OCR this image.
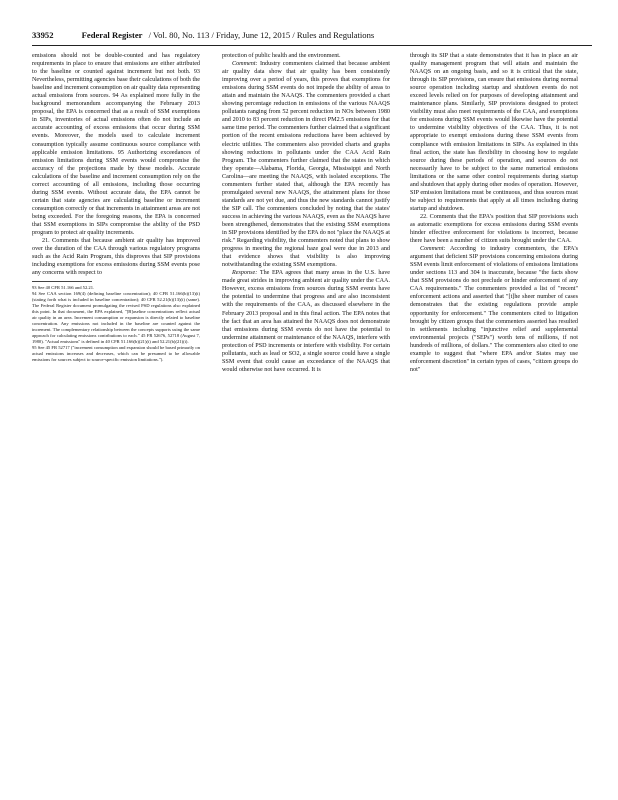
33952	Federal Register / Vol. 80, No. 113 / Friday, June 12, 2015 / Rules and Regulations

emissions should not be double-counted and has regulatory requirements in place to ensure that emissions are either attributed to the baseline or counted against increment but not both. 93 Nevertheless, permitting agencies base their calculations of both the baseline and increment consumption on air quality data representing actual emissions from sources. 94 As explained more fully in the background memorandum accompanying the February 2013 proposal, the EPA is concerned that as a result of SSM exemptions in SIPs, inventories of actual emissions often do not include an accurate accounting of excess emissions that occur during SSM events. Moreover, the models used to calculate increment consumption typically assume continuous source compliance with applicable emission limitations. 95 Authorizing exceedances of emission limitations during SSM events would compromise the accuracy of the projections made by these models. Accurate calculations of the baseline and increment consumption rely on the correct accounting of all emissions, including those occurring during SSM events. Without accurate data, the EPA cannot be certain that state agencies are calculating baseline or increment consumption correctly or that increments in attainment areas are not being exceeded. For the foregoing reasons, the EPA is concerned that SSM exemptions in SIPs compromise the ability of the PSD program to protect air quality increments.

21. Comments that because ambient air quality has improved over the duration of the CAA through various regulatory programs such as the Acid Rain Program, this disproves that SIP provisions including exemptions for excess emissions during SSM events pose any concerns with respect to

93 See 40 CFR 51.166 and 52.21.

94 See CAA section 169(4) (defining baseline concentration); 40 CFR 51.166(b)(13)(i) (stating forth what is included in baseline concentration); 40 CFR 52.21(b)(13)(i) (same). The Federal Register document promulgating the revised PSD regulations also explained this point. In that document, the EPA explained, "[B]aseline concentrations reflect actual air quality in an area. Increment consumption or expansion is directly related to baseline concentration. Any emissions not included in the baseline are counted against the increment. The complementary relationship between the concepts supports using the same approach for calculating emissions contributions to each." 45 FR 52676, 52718 (August 7, 1980). "Actual emissions" is defined in 40 CFR 51.166(b)(21)(i) and 52.21(b)(21)(i).

95 See 45 FR 52717 ("increment consumption and expansion should be based primarily on actual emissions increases and decreases, which can be presumed to be allowable emissions for sources subject to source-specific emission limitations.").

protection of public health and the environment.

Comment: Industry commenters claimed that because ambient air quality data show that air quality has been consistently improving over a period of years, this proves that exemptions for emissions during SSM events do not impede the ability of areas to attain and maintain the NAAQS. The commenters provided a chart showing percentage reduction in emissions of the various NAAQS pollutants ranging from 52 percent reduction in NOx between 1980 and 2010 to 83 percent reduction in direct PM2.5 emissions for that same time period. The commenters further claimed that a significant portion of the recent emissions reductions have been achieved by electric utilities. The commenters also provided charts and graphs showing reductions in pollutants under the CAA Acid Rain Program. The commenters further claimed that the states in which they operate—Alabama, Florida, Georgia, Mississippi and North Carolina—are meeting the NAAQS, with isolated exceptions. The commenters further stated that, although the EPA recently has promulgated several new NAAQS, the attainment plans for those standards are not yet due, and thus the new standards cannot justify the SIP call. The commenters concluded by noting that the states' success in achieving the various NAAQS, even as the NAAQS have been strengthened, demonstrates that the existing SSM exemptions in SIP provisions identified by the EPA do not "place the NAAQS at risk." Regarding visibility, the commenters noted that plans to show progress in meeting the regional haze goal were due in 2013 and that evidence shows that visibility is also improving notwithstanding the existing SSM exemptions.

Response: The EPA agrees that many areas in the U.S. have made great strides in improving ambient air quality under the CAA. However, excess emissions from sources during SSM events have the potential to undermine that progress and are also inconsistent with the requirements of the CAA, as discussed elsewhere in the February 2013 proposal and in this final action. The EPA notes that the fact that an area has attained the NAAQS does not demonstrate that emissions during SSM events do not have the potential to undermine attainment or maintenance of the NAAQS, interfere with protection of PSD increments or interfere with visibility. For certain pollutants, such as lead or SO2, a single source could have a single SSM event that could cause an exceedance of the NAAQS that would otherwise not have occurred. It is

through its SIP that a state demonstrates that it has in place an air quality management program that will attain and maintain the NAAQS on an ongoing basis, and so it is critical that the state, through its SIP provisions, can ensure that emissions during normal source operation including startup and shutdown events do not exceed levels relied on for purposes of developing attainment and maintenance plans. Similarly, SIP provisions designed to protect visibility must also meet requirements of the CAA, and exemptions for emissions during SSM events would likewise have the potential to undermine visibility objectives of the CAA. Thus, it is not appropriate to exempt emissions during these SSM events from compliance with emission limitations in SIPs. As explained in this final action, the state has flexibility in choosing how to regulate source during these periods of operation, and sources do not necessarily have to be subject to the same numerical emissions limitations or the same other control requirements during startup and shutdown that apply during other modes of operation. However, SIP emission limitations must be continuous, and thus sources must be subject to requirements that apply at all times including during startup and shutdown.

22. Comments that the EPA's position that SIP provisions such as automatic exemptions for excess emissions during SSM events hinder effective enforcement for violations is incorrect, because there have been a number of citizen suits brought under the CAA.

Comment: According to industry commenters, the EPA's argument that deficient SIP provisions concerning emissions during SSM events limit enforcement of violations of emissions limitations under sections 113 and 304 is inaccurate, because "the facts show that SSM provisions do not preclude or hinder enforcement of any CAA requirements." The commenters provided a list of "recent" enforcement actions and asserted that "[t]he sheer number of cases demonstrates that the existing regulations provide ample opportunity for enforcement." The commenters cited to litigation brought by citizen groups that the commenters asserted has resulted in settlements including "injunctive relief and supplemental environmental projects ("SEPs") worth tens of millions, if not hundreds of millions, of dollars." The commenters also cited to one example to suggest that "where EPA and/or States may use enforcement discretion" in certain types of cases, "citizen groups do not"
